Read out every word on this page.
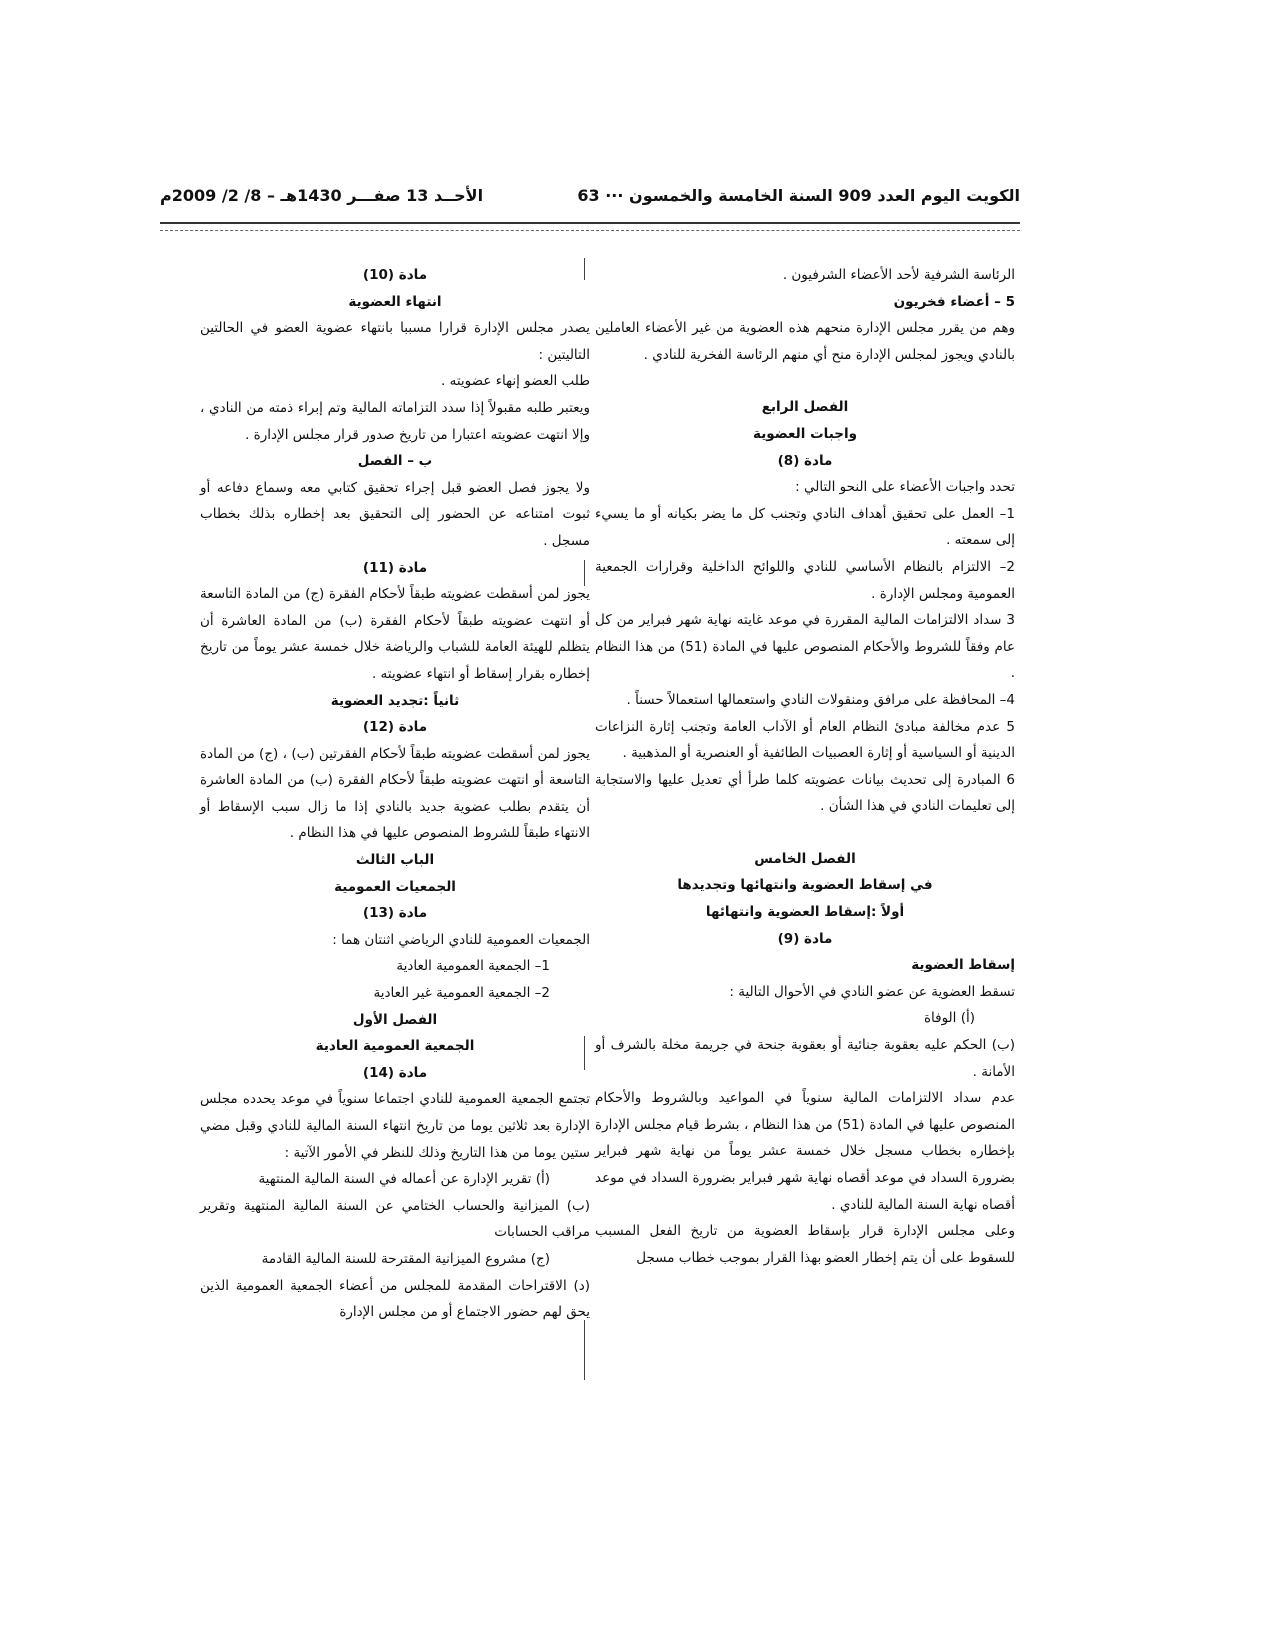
الكويت اليوم العدد 909 السنة الخامسة والخمسون ··· 63
الأحــد 13 صفـــر 1430هـ – 8/ 2/ 2009م

الرئاسة الشرفية لأحد الأعضاء الشرفيون .

5 – أعضاء فخريون

وهم من يقرر مجلس الإدارة منحهم هذه العضوية من غير الأعضاء العاملين بالنادي ويجوز لمجلس الإدارة منح أي منهم الرئاسة الفخرية للنادي .

الفصل الرابع

واجبات العضوية

مادة (8)

تحدد واجبات الأعضاء على النحو التالي :

1– العمل على تحقيق أهداف النادي وتجنب كل ما يضر بكيانه أو ما يسيء إلى سمعته .

2– الالتزام بالنظام الأساسي للنادي واللوائح الداخلية وقرارات الجمعية العمومية ومجلس الإدارة .

3 سداد الالتزامات المالية المقررة في موعد غايته نهاية شهر فبراير من كل عام وفقاً للشروط والأحكام المنصوص عليها في المادة (51) من هذا النظام .

4– المحافظة على مرافق ومنقولات النادي واستعمالها استعمالاً حسناً .

5 عدم مخالفة مبادئ النظام العام أو الآداب العامة وتجنب إثارة النزاعات الدينية أو السياسية أو إثارة العصبيات الطائفية أو العنصرية أو المذهبية .

6 المبادرة إلى تحديث بيانات عضويته كلما طرأ أي تعديل عليها والاستجابة إلى تعليمات النادي في هذا الشأن .

الفصل الخامس

في إسقاط العضوية وانتهائها وتجديدها

أولاً :إسقاط العضوية وانتهائها

مادة (9)

إسقاط العضوية

تسقط العضوية عن عضو النادي في الأحوال التالية :

(أ) الوفاة

(ب) الحكم عليه بعقوبة جنائية أو بعقوبة جنحة في جريمة مخلة بالشرف أو الأمانة .

عدم سداد الالتزامات المالية سنوياً في المواعيد وبالشروط والأحكام المنصوص عليها في المادة (51) من هذا النظام ، بشرط قيام مجلس الإدارة بإخطاره بخطاب مسجل خلال خمسة عشر يوماً من نهاية شهر فبراير بضرورة السداد في موعد أقصاه نهاية شهر فبراير بضرورة السداد في موعد أقصاه نهاية السنة المالية للنادي .

وعلى مجلس الإدارة قرار بإسقاط العضوية من تاريخ الفعل المسبب للسقوط على أن يتم إخطار العضو بهذا القرار بموجب خطاب مسجل

مادة (10)

انتهاء العضوية

يصدر مجلس الإدارة قرارا مسببا بانتهاء عضوية العضو في الحالتين التاليتين :

طلب العضو إنهاء عضويته .

ويعتبر طلبه مقبولاً إذا سدد التزاماته المالية وتم إبراء ذمته من النادي ، وإلا انتهت عضويته اعتبارا من تاريخ صدور قرار مجلس الإدارة .

ب – الفصل

ولا يجوز فصل العضو قبل إجراء تحقيق كتابي معه وسماع دفاعه أو ثبوت امتناعه عن الحضور إلى التحقيق بعد إخطاره بذلك بخطاب مسجل .

مادة (11)

يجوز لمن أسقطت عضويته طبقاً لأحكام الفقرة (ج) من المادة التاسعة أو انتهت عضويته طبقاً لأحكام الفقرة (ب) من المادة العاشرة أن يتظلم للهيئة العامة للشباب والرياضة خلال خمسة عشر يوماً من تاريخ إخطاره بقرار إسقاط أو انتهاء عضويته .

ثانياً :تجديد العضوية

مادة (12)

يجوز لمن أسقطت عضويته طبقاً لأحكام الفقرتين (ب) ، (ج) من المادة التاسعة أو انتهت عضويته طبقاً لأحكام الفقرة (ب) من المادة العاشرة أن يتقدم بطلب عضوية جديد بالنادي إذا ما زال سبب الإسقاط أو الانتهاء طبقاً للشروط المنصوص عليها في هذا النظام .

الباب الثالث

الجمعيات العمومية

مادة (13)

الجمعيات العمومية للنادي الرياضي اثنتان هما :

1– الجمعية العمومية العادية

2– الجمعية العمومية غير العادية

الفصل الأول

الجمعية العمومية العادية

مادة (14)

تجتمع الجمعية العمومية للنادي اجتماعا سنوياً في موعد يحدده مجلس الإدارة بعد ثلاثين يوما من تاريخ انتهاء السنة المالية للنادي وقبل مضي ستين يوما من هذا التاريخ وذلك للنظر في الأمور الآتية :

(أ) تقرير الإدارة عن أعماله في السنة المالية المنتهية

(ب) الميزانية والحساب الختامي عن السنة المالية المنتهية وتقرير مراقب الحسابات

(ج) مشروع الميزانية المقترحة للسنة المالية القادمة

(د) الاقتراحات المقدمة للمجلس من أعضاء الجمعية العمومية الذين يحق لهم حضور الاجتماع أو من مجلس الإدارة
